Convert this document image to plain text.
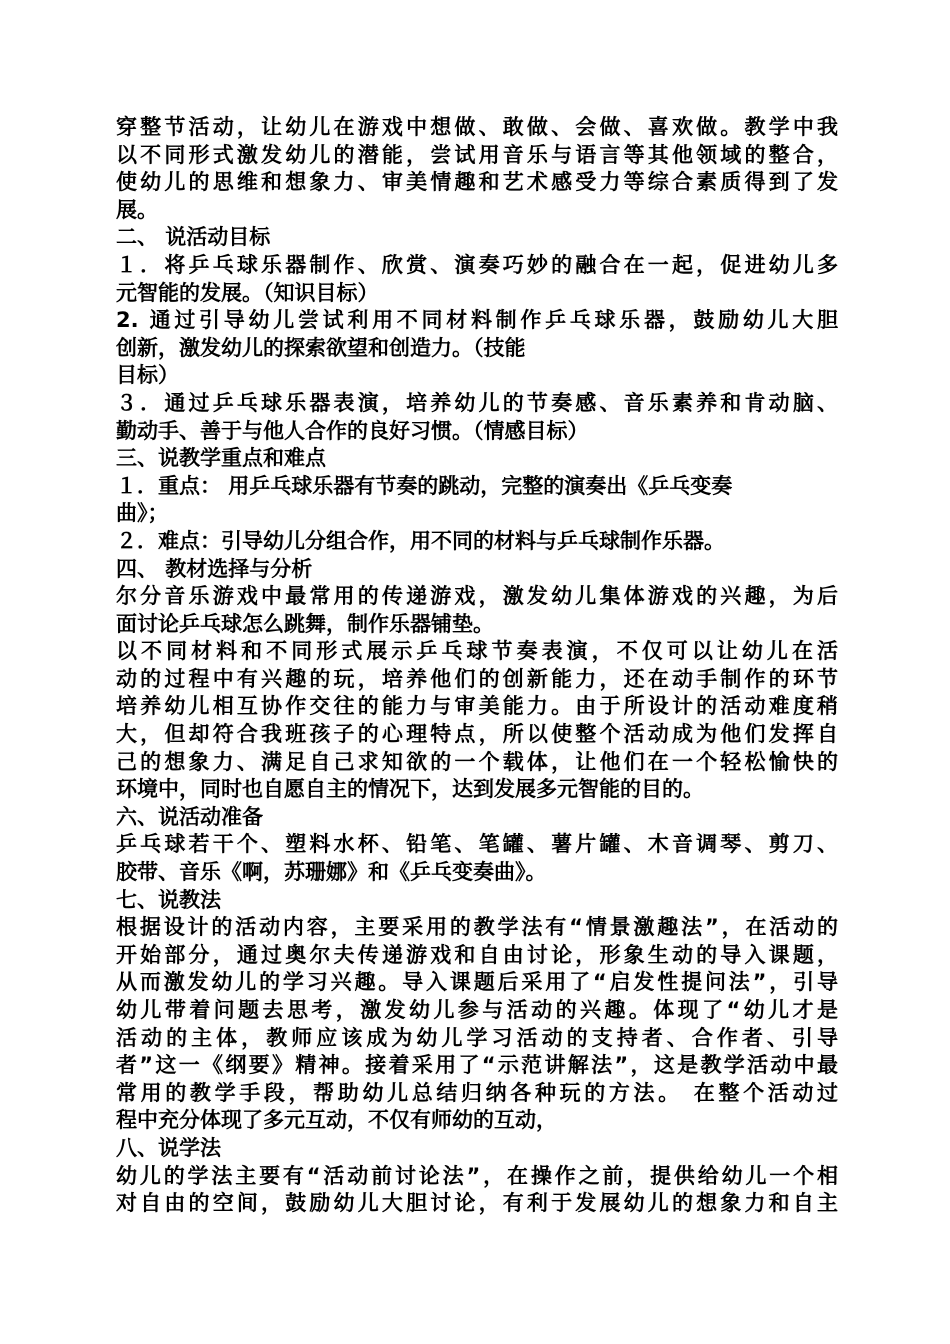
穿整节活动，让幼儿在游戏中想做、敢做、会做、喜欢做。教学中我
以不同形式激发幼儿的潜能，尝试用音乐与语言等其他领域的整合，
使幼儿的思维和想象力、审美情趣和艺术感受力等综合素质得到了发
展。
二、 说活动目标
１．将乒乓球乐器制作、欣赏、演奏巧妙的融合在一起，促进幼儿多
元智能的发展。（知识目标）
2. 通过引导幼儿尝试利用不同材料制作乒乓球乐器，鼓励幼儿大胆
创新，激发幼儿的探索欲望和创造力。（技能
目标）
３．通过乒乓球乐器表演，培养幼儿的节奏感、音乐素养和肯动脑、
勤动手、善于与他人合作的良好习惯。（情感目标）
三、说教学重点和难点
１．重点： 用乒乓球乐器有节奏的跳动，完整的演奏出《乒乓变奏
曲》；
２．难点：引导幼儿分组合作，用不同的材料与乒乓球制作乐器。
四、 教材选择与分析
尔分音乐游戏中最常用的传递游戏，激发幼儿集体游戏的兴趣，为后
面讨论乒乓球怎么跳舞，制作乐器铺垫。
以不同材料和不同形式展示乒乓球节奏表演，不仅可以让幼儿在活
动的过程中有兴趣的玩，培养他们的创新能力，还在动手制作的环节
培养幼儿相互协作交往的能力与审美能力。由于所设计的活动难度稍
大，但却符合我班孩子的心理特点，所以使整个活动成为他们发挥自
己的想象力、满足自己求知欲的一个载体，让他们在一个轻松愉快的
环境中，同时也自愿自主的情况下，达到发展多元智能的目的。
六、说活动准备
乒乓球若干个、塑料水杯、铅笔、笔罐、薯片罐、木音调琴、剪刀、
胶带、音乐《啊，苏珊娜》和《乒乓变奏曲》。
七、说教法
根据设计的活动内容，主要采用的教学法有“情景激趣法”，在活动的
开始部分，通过奥尔夫传递游戏和自由讨论，形象生动的导入课题，
从而激发幼儿的学习兴趣。导入课题后采用了“启发性提问法”，引导
幼儿带着问题去思考，激发幼儿参与活动的兴趣。体现了“幼儿才是
活动的主体，教师应该成为幼儿学习活动的支持者、合作者、引导
者”这一《纲要》精神。接着采用了“示范讲解法”，这是教学活动中最
常用的教学手段，帮助幼儿总结归纳各种玩的方法。 在整个活动过
程中充分体现了多元互动，不仅有师幼的互动，
八、说学法
幼儿的学法主要有“活动前讨论法”，在操作之前，提供给幼儿一个相
对自由的空间，鼓励幼儿大胆讨论，有利于发展幼儿的想象力和自主
